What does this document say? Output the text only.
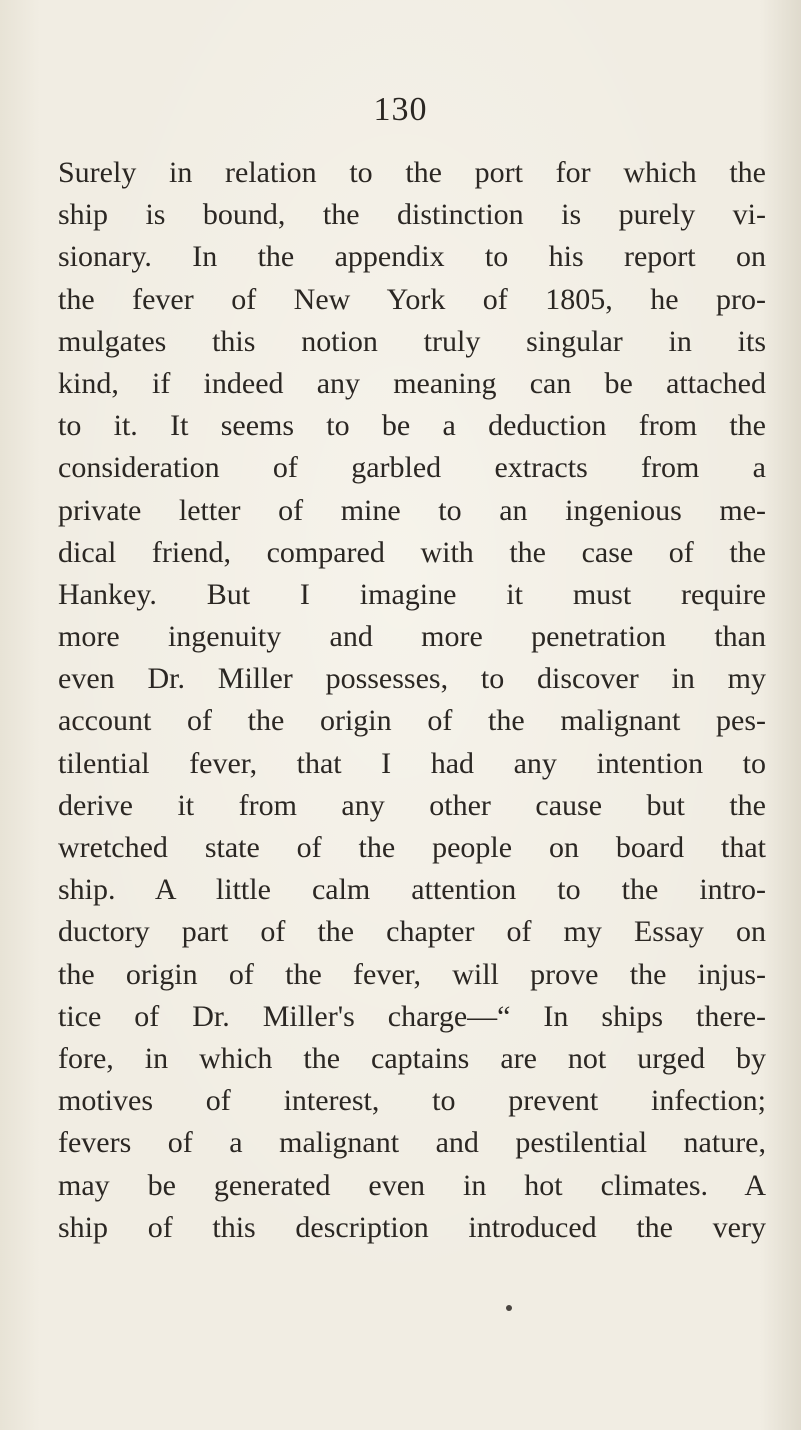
130
Surely in relation to the port for which the
ship is bound, the distinction is purely vi-
sionary. In the appendix to his report on
the fever of New York of 1805, he pro-
mulgates this notion truly singular in its
kind, if indeed any meaning can be attached
to it. It seems to be a deduction from the
consideration of garbled extracts from a
private letter of mine to an ingenious me-
dical friend, compared with the case of the
Hankey. But I imagine it must require
more ingenuity and more penetration than
even Dr. Miller possesses, to discover in my
account of the origin of the malignant pes-
tilential fever, that I had any intention to
derive it from any other cause but the
wretched state of the people on board that
ship. A little calm attention to the intro-
ductory part of the chapter of my Essay on
the origin of the fever, will prove the injus-
tice of Dr. Miller's charge—“ In ships there-
fore, in which the captains are not urged by
motives of interest, to prevent infection;
fevers of a malignant and pestilential nature,
may be generated even in hot climates. A
ship of this description introduced the very
